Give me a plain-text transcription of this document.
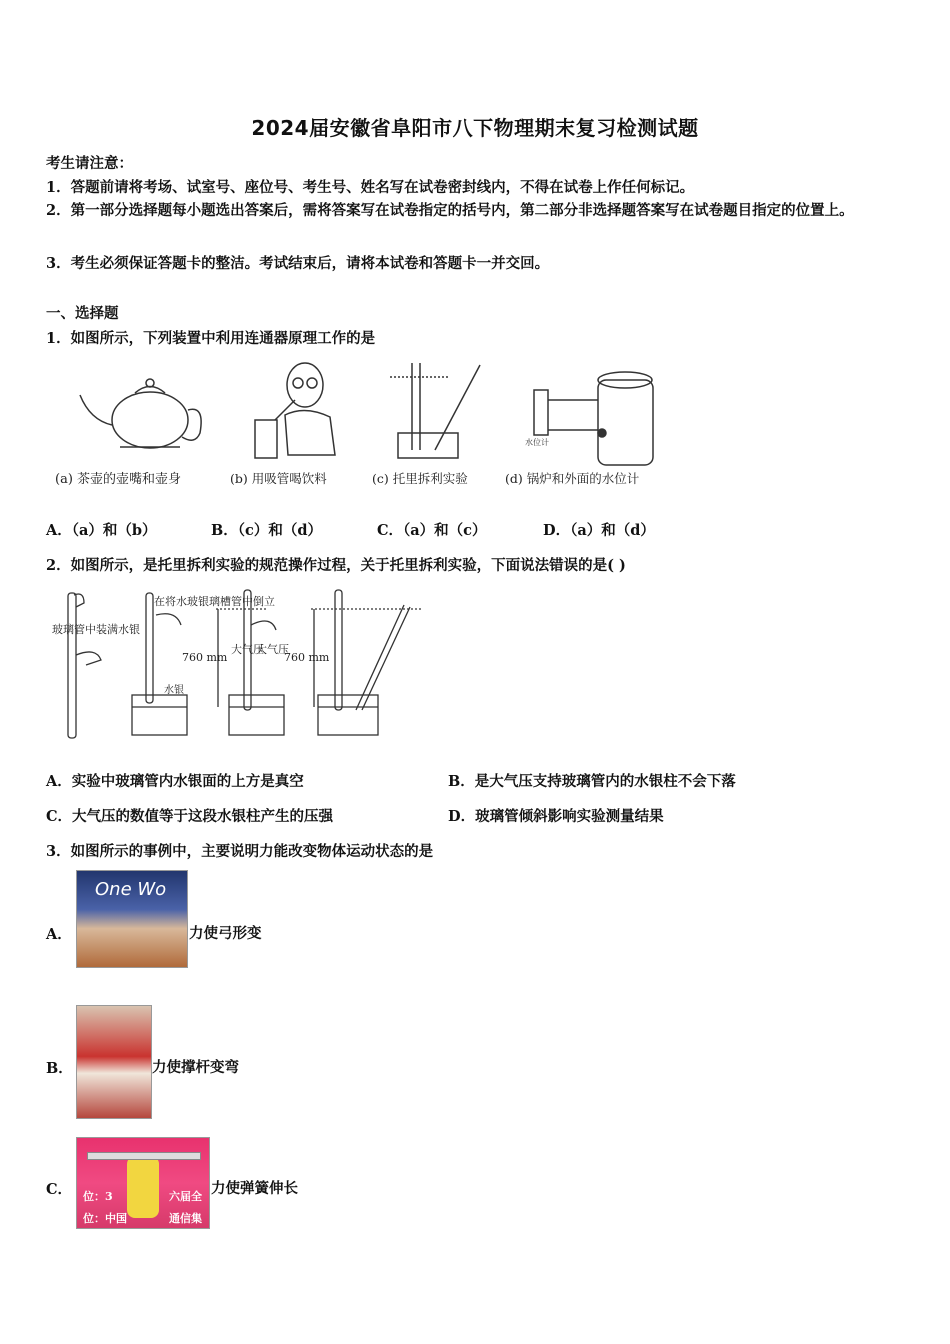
2024届安徽省阜阳市八下物理期末复习检测试题
考生请注意：
1．答题前请将考场、试室号、座位号、考生号、姓名写在试卷密封线内，不得在试卷上作任何标记。
2．第一部分选择题每小题选出答案后，需将答案写在试卷指定的括号内，第二部分非选择题答案写在试卷题目指定的位置上。
3．考生必须保证答题卡的整洁。考试结束后，请将本试卷和答题卡一并交回。
一、选择题
1．如图所示，下列装置中利用连通器原理工作的是
水位计
(a) 茶壶的壶嘴和壶身	(b) 用吸管喝饮料	(c) 托里拆利实验	(d) 锅炉和外面的水位计
A．（a）和（b）	B．（c）和（d）	C．（a）和（c）	D．（a）和（d）
2．如图所示，是托里拆利实验的规范操作过程，关于托里拆利实验，下面说法错误的是( )
玻璃管中装满水银
在将水玻银璃槽管中倒立
水银
760 mm
大气压
大气压
760 mm
A．实验中玻璃管内水银面的上方是真空	B．是大气压支持玻璃管内的水银柱不会下落
C．大气压的数值等于这段水银柱产生的压强	D．玻璃管倾斜影响实验测量结果
3．如图所示的事例中，主要说明力能改变物体运动状态的是
A．
One Wo
力使弓形变
B．	力使撑杆变弯
C． 位：3	六届全
位：中国	通信集
力使弹簧伸长
